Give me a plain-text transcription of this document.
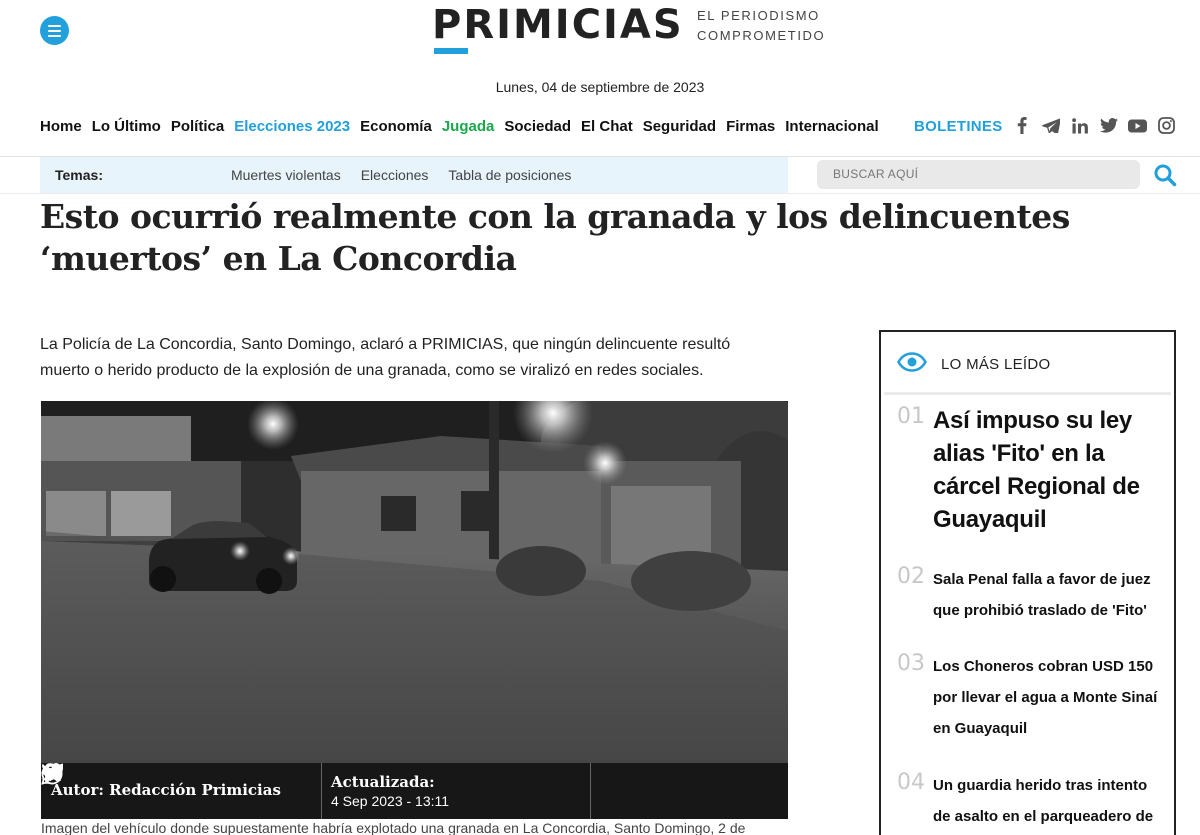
PRIMICIAS EL PERIODISMO
COMPROMETIDO
Lunes, 04 de septiembre de 2023
Home Lo Último Política Elecciones 2023 Economía Jugada Sociedad El Chat Seguridad Firmas Internacional BOLETINES
Temas:	Muertes violentas Elecciones Tabla de posiciones	BUSCAR AQUÍ
Esto ocurrió realmente con la granada y los delincuentes
‘muertos’ en La Concordia
La Policía de La Concordia, Santo Domingo, aclaró a PRIMICIAS, que ningún delincuente resultó
muerto o herido producto de la explosión de una granada, como se viralizó en redes sociales.
Autor: Redacción Primicias	Actualizada:
4 Sep 2023 - 13:11
Imagen del vehículo donde supuestamente habría explotado una granada en La Concordia, Santo Domingo, 2 de
LO MÁS LEÍDO
01 Así impuso su ley
alias 'Fito' en la
cárcel Regional de
Guayaquil
02 Sala Penal falla a favor de juez
que prohibió traslado de 'Fito'
03 Los Choneros cobran USD 150
por llevar el agua a Monte Sinaí
en Guayaquil
04 Un guardia herido tras intento
de asalto en el parqueadero de
